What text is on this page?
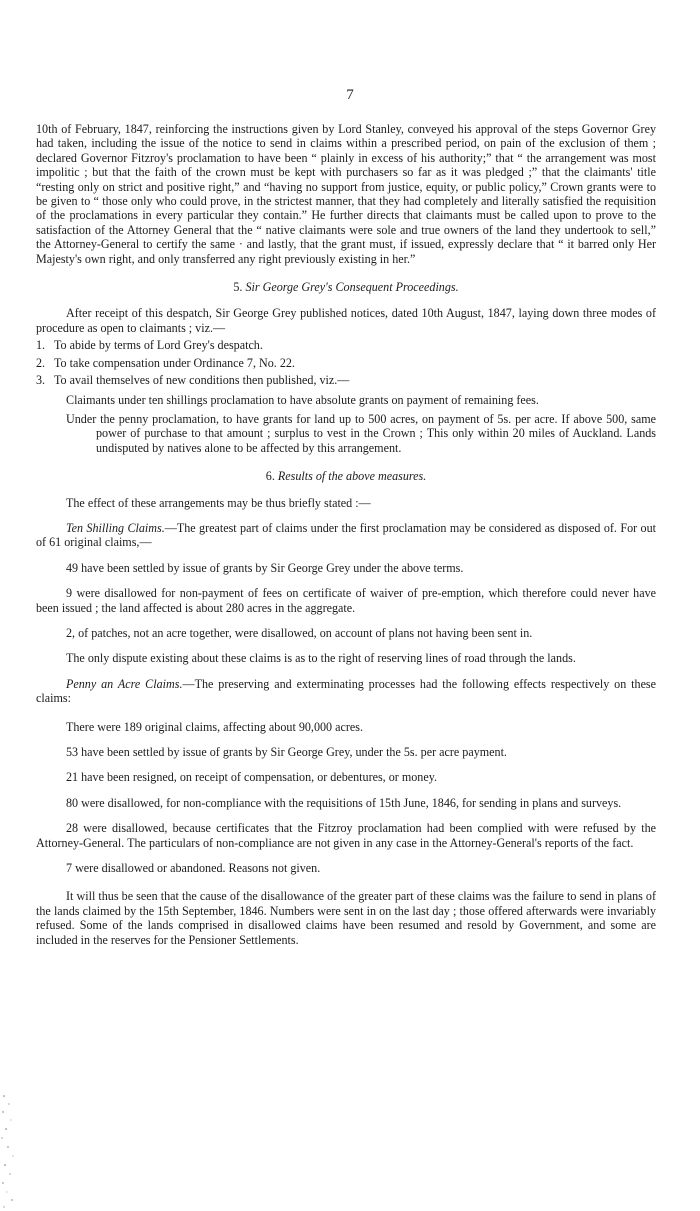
7

10th of February, 1847, reinforcing the instructions given by Lord Stanley, conveyed his approval of the steps Governor Grey had taken, including the issue of the notice to send in claims within a prescribed period, on pain of the exclusion of them ; declared Governor Fitzroy's proclamation to have been “ plainly in excess of his authority;” that “ the arrangement was most impolitic ; but that the faith of the crown must be kept with purchasers so far as it was pledged ;” that the claimants' title “resting only on strict and positive right,” and “having no support from justice, equity, or public policy,” Crown grants were to be given to “ those only who could prove, in the strictest manner, that they had completely and literally satisfied the requisition of the proclamations in every particular they contain.” He further directs that claimants must be called upon to prove to the satisfaction of the Attorney General that the “ native claimants were sole and true owners of the land they undertook to sell,” the Attorney-General to certify the same · and lastly, that the grant must, if issued, expressly declare that “ it barred only Her Majesty's own right, and only transferred any right previously existing in her.”

5. Sir George Grey's Consequent Proceedings.

After receipt of this despatch, Sir George Grey published notices, dated 10th August, 1847, laying down three modes of procedure as open to claimants ; viz.—

1. To abide by terms of Lord Grey's despatch.
2. To take compensation under Ordinance 7, No. 22.
3. To avail themselves of new conditions then published, viz.—

Claimants under ten shillings proclamation to have absolute grants on payment of remaining fees.

Under the penny proclamation, to have grants for land up to 500 acres, on payment of 5s. per acre. If above 500, same power of purchase to that amount ; surplus to vest in the Crown ; This only within 20 miles of Auckland. Lands undisputed by natives alone to be affected by this arrangement.

6. Results of the above measures.

The effect of these arrangements may be thus briefly stated :—

Ten Shilling Claims.—The greatest part of claims under the first proclamation may be considered as disposed of. For out of 61 original claims,—

49 have been settled by issue of grants by Sir George Grey under the above terms.

9 were disallowed for non-payment of fees on certificate of waiver of pre-emption, which therefore could never have been issued ; the land affected is about 280 acres in the aggregate.

2, of patches, not an acre together, were disallowed, on account of plans not having been sent in.

The only dispute existing about these claims is as to the right of reserving lines of road through the lands.

Penny an Acre Claims.—The preserving and exterminating processes had the following effects respectively on these claims:

There were 189 original claims, affecting about 90,000 acres.

53 have been settled by issue of grants by Sir George Grey, under the 5s. per acre payment.

21 have been resigned, on receipt of compensation, or debentures, or money.

80 were disallowed, for non-compliance with the requisitions of 15th June, 1846, for sending in plans and surveys.

28 were disallowed, because certificates that the Fitzroy proclamation had been complied with were refused by the Attorney-General. The particulars of non-compliance are not given in any case in the Attorney-General's reports of the fact.

7 were disallowed or abandoned. Reasons not given.

It will thus be seen that the cause of the disallowance of the greater part of these claims was the failure to send in plans of the lands claimed by the 15th September, 1846. Numbers were sent in on the last day ; those offered afterwards were invariably refused. Some of the lands comprised in disallowed claims have been resumed and resold by Government, and some are included in the reserves for the Pensioner Settlements.
